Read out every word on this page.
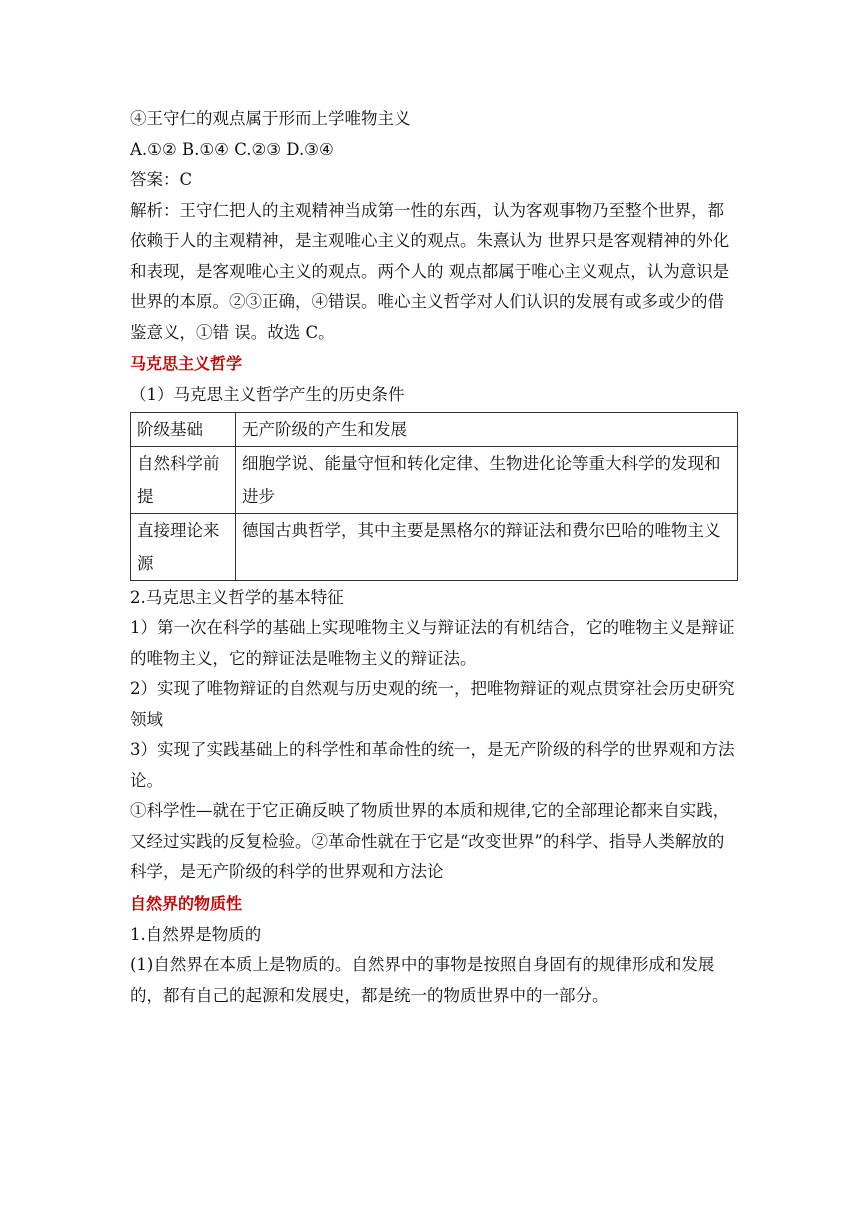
④王守仁的观点属于形而上学唯物主义
A.①② B.①④ C.②③ D.③④
答案：C
解析：王守仁把人的主观精神当成第一性的东西，认为客观事物乃至整个世界，都依赖于人的主观精神，是主观唯心主义的观点。朱熹认为 世界只是客观精神的外化和表现，是客观唯心主义的观点。两个人的 观点都属于唯心主义观点，认为意识是世界的本原。②③正确，④错误。唯心主义哲学对人们认识的发展有或多或少的借鉴意义，①错 误。故选 C。
马克思主义哲学
（1）马克思主义哲学产生的历史条件
阶级基础	无产阶级的产生和发展
自然科学前提	细胞学说、能量守恒和转化定律、生物进化论等重大科学的发现和进步
直接理论来源	德国古典哲学，其中主要是黑格尔的辩证法和费尔巴哈的唯物主义
2.马克思主义哲学的基本特征
1）第一次在科学的基础上实现唯物主义与辩证法的有机结合，它的唯物主义是辩证的唯物主义，它的辩证法是唯物主义的辩证法。
2）实现了唯物辩证的自然观与历史观的统一，把唯物辩证的观点贯穿社会历史研究领域
3）实现了实践基础上的科学性和革命性的统一，是无产阶级的科学的世界观和方法论。
①科学性—就在于它正确反映了物质世界的本质和规律,它的全部理论都来自实践，又经过实践的反复检验。②革命性就在于它是“改变世界”的科学、指导人类解放的科学，是无产阶级的科学的世界观和方法论
自然界的物质性
1.自然界是物质的
(1)自然界在本质上是物质的。自然界中的事物是按照自身固有的规律形成和发展的，都有自己的起源和发展史，都是统一的物质世界中的一部分。
